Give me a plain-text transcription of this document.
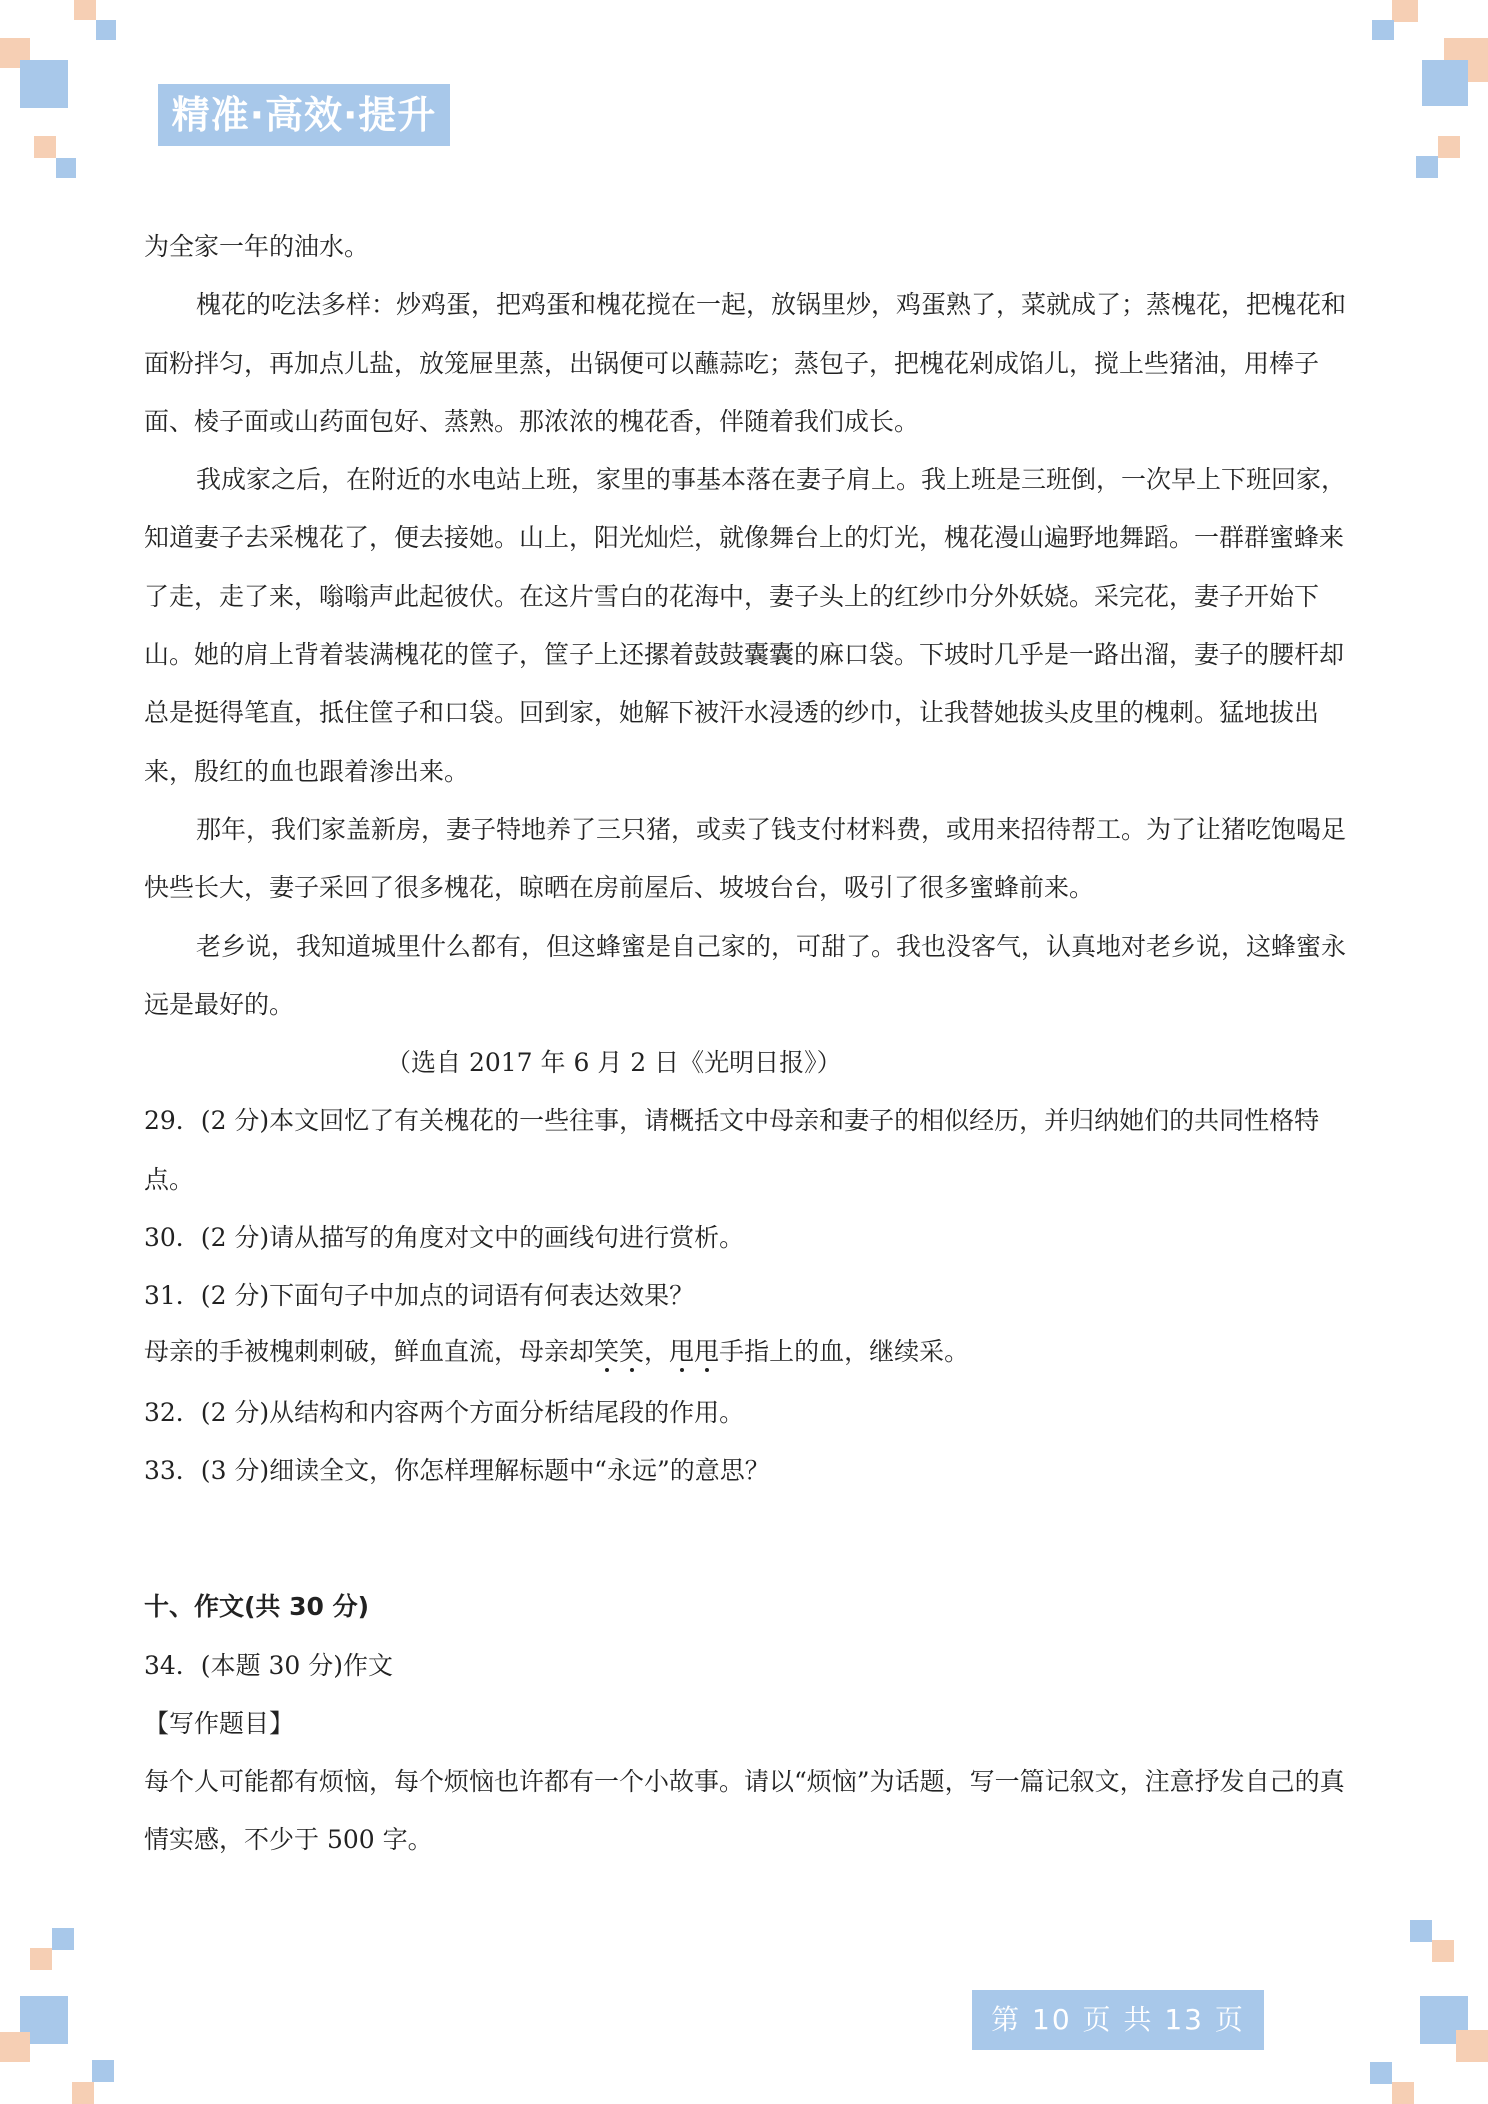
精准·高效·提升

为全家一年的油水。

槐花的吃法多样：炒鸡蛋，把鸡蛋和槐花搅在一起，放锅里炒，鸡蛋熟了，菜就成了；蒸槐花，把槐花和面粉拌匀，再加点儿盐，放笼屉里蒸，出锅便可以蘸蒜吃；蒸包子，把槐花剁成馅儿，搅上些猪油，用棒子面、棱子面或山药面包好、蒸熟。那浓浓的槐花香，伴随着我们成长。

我成家之后，在附近的水电站上班，家里的事基本落在妻子肩上。我上班是三班倒，一次早上下班回家，知道妻子去采槐花了，便去接她。山上，阳光灿烂，就像舞台上的灯光，槐花漫山遍野地舞蹈。一群群蜜蜂来了走，走了来，嗡嗡声此起彼伏。在这片雪白的花海中，妻子头上的红纱巾分外妖娆。采完花，妻子开始下山。她的肩上背着装满槐花的筐子，筐子上还摞着鼓鼓囊囊的麻口袋。下坡时几乎是一路出溜，妻子的腰杆却总是挺得笔直，抵住筐子和口袋。回到家，她解下被汗水浸透的纱巾，让我替她拔头皮里的槐刺。猛地拔出来，殷红的血也跟着渗出来。

那年，我们家盖新房，妻子特地养了三只猪，或卖了钱支付材料费，或用来招待帮工。为了让猪吃饱喝足快些长大，妻子采回了很多槐花，晾晒在房前屋后、坡坡台台，吸引了很多蜜蜂前来。

老乡说，我知道城里什么都有，但这蜂蜜是自己家的，可甜了。我也没客气，认真地对老乡说，这蜂蜜永远是最好的。

（选自 2017 年 6 月 2 日《光明日报》）

29．(2 分)本文回忆了有关槐花的一些往事，请概括文中母亲和妻子的相似经历，并归纳她们的共同性格特点。

30．(2 分)请从描写的角度对文中的画线句进行赏析。

31．(2 分)下面句子中加点的词语有何表达效果？

母亲的手被槐刺刺破，鲜血直流，母亲却笑笑，甩甩手指上的血，继续采。

32．(2 分)从结构和内容两个方面分析结尾段的作用。

33．(3 分)细读全文，你怎样理解标题中“永远”的意思？

十、作文(共 30 分)

34．(本题 30 分)作文

【写作题目】

每个人可能都有烦恼，每个烦恼也许都有一个小故事。请以“烦恼”为话题，写一篇记叙文，注意抒发自己的真情实感，不少于 500 字。

第 10 页 共 13 页
